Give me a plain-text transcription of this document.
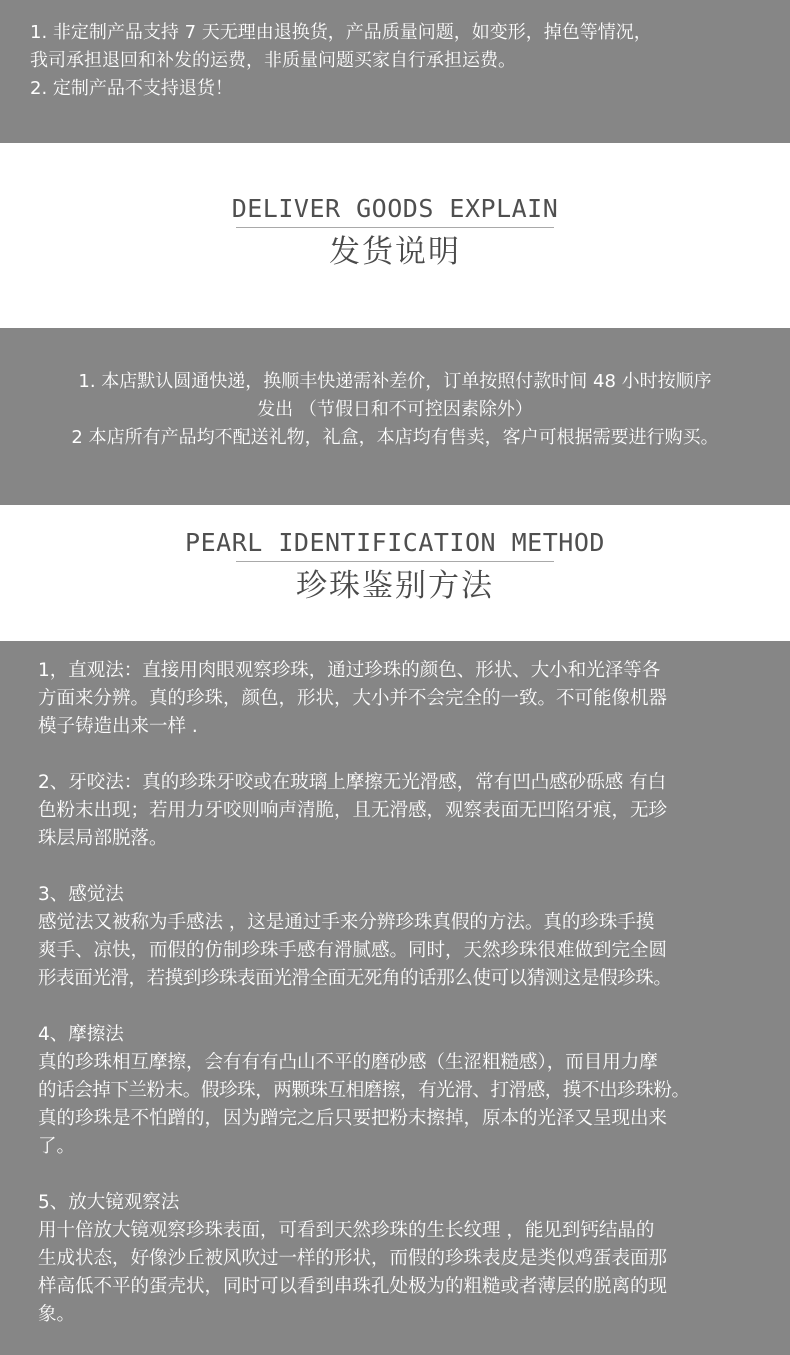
1. 非定制产品支持 7 天无理由退换货，产品质量问题，如变形，掉色等情况，

我司承担退回和补发的运费，非质量问题买家自行承担运费。

2. 定制产品不支持退货！

DELIVER GOODS EXPLAIN
发货说明

1. 本店默认圆通快递，换顺丰快递需补差价，订单按照付款时间 48 小时按顺序

发出 （节假日和不可控因素除外）

2 本店所有产品均不配送礼物，礼盒，本店均有售卖，客户可根据需要进行购买。

PEARL IDENTIFICATION METHOD
珍珠鉴别方法

1，直观法：直接用肉眼观察珍珠，通过珍珠的颜色、形状、大小和光泽等各

方面来分辨。真的珍珠，颜色，形状，大小并不会完全的一致。不可能像机器

模子铸造出来一样 .

2、牙咬法：真的珍珠牙咬或在玻璃上摩擦无光滑感，常有凹凸感砂砾感 有白

色粉末出现；若用力牙咬则响声清脆，且无滑感，观察表面无凹陷牙痕，无珍

珠层局部脱落。

3、感觉法

感觉法又被称为手感法 ，这是通过手来分辨珍珠真假的方法。真的珍珠手摸

爽手、凉快，而假的仿制珍珠手感有滑腻感。同时，天然珍珠很难做到完全圆

形表面光滑，若摸到珍珠表面光滑全面无死角的话那么使可以猜测这是假珍珠。

4、摩擦法

真的珍珠相互摩擦，会有有有凸山不平的磨砂感（生涩粗糙感），而目用力摩

的话会掉下兰粉末。假珍珠，两颗珠互相磨擦，有光滑、打滑感，摸不出珍珠粉。

真的珍珠是不怕蹭的，因为蹭完之后只要把粉末擦掉，原本的光泽又呈现出来

了。

5、放大镜观察法

用十倍放大镜观察珍珠表面，可看到天然珍珠的生长纹理 ，能见到钙结晶的

生成状态，好像沙丘被风吹过一样的形状，而假的珍珠表皮是类似鸡蛋表面那

样高低不平的蛋壳状，同时可以看到串珠孔处极为的粗糙或者薄层的脱离的现

象。
